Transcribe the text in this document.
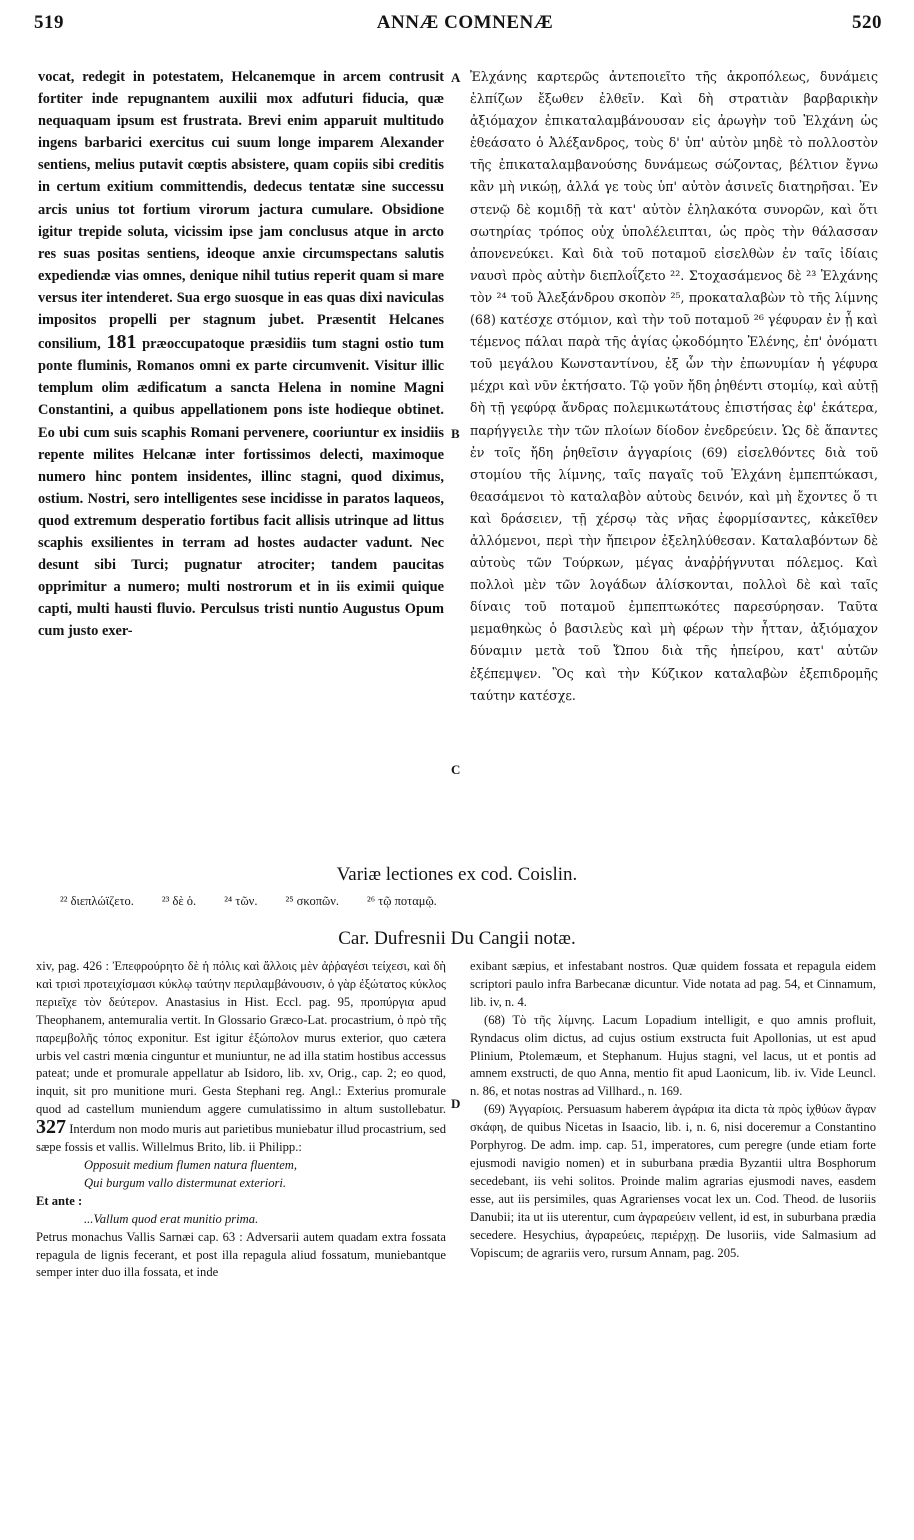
519	ANNÆ COMNENÆ	520

vocat, redegit in potestatem, Helcanemque in arcem contrusit fortiter inde repugnantem auxilii mox adfuturi fiducia, quæ nequaquam ipsum est frustrata. Brevi enim apparuit multitudo ingens barbarici exercitus cui suum longe imparem Alexander sentiens, melius putavit cœptis absistere, quam copiis sibi creditis in certum exitium committendis, dedecus tentatæ sine successu arcis unius tot fortium virorum jactura cumulare. Obsidione igitur trepide soluta, vicissim ipse jam conclusus atque in arcto res suas positas sentiens, ideoque anxie circumspectans salutis expediendæ vias omnes, denique nihil tutius reperit quam si mare versus iter intenderet. Sua ergo suosque in eas quas dixi naviculas impositos propelli per stagnum jubet. Præsentit Helcanes consilium, 181 præoccupatoque præsidiis tum stagni ostio tum ponte fluminis, Romanos omni ex parte circumvenit. Visitur illic templum olim ædificatum a sancta Helena in nomine Magni Constantini, a quibus appellationem pons iste hodieque obtinet. Eo ubi cum suis scaphis Romani pervenere, cooriuntur ex insidiis repente milites Helcanæ inter fortissimos delecti, maximoque numero hinc pontem insidentes, illinc stagni, quod diximus, ostium. Nostri, sero intelligentes sese incidisse in paratos laqueos, quod extremum desperatio fortibus facit allisis utrinque ad littus scaphis exsilientes in terram ad hostes audacter vadunt. Nec desunt sibi Turci; pugnatur atrociter; tandem paucitas opprimitur a numero; multi nostrorum et in iis eximii quique capti, multi hausti fluvio. Perculsus tristi nuntio Augustus Opum cum justo exer-

A
B
C

Ἐλχάνης καρτερῶς ἀντεποιεῖτο τῆς ἀκροπόλεως, δυνάμεις ἐλπίζων ἔξωθεν ἐλθεῖν. Καὶ δὴ στρατιὰν βαρβαρικὴν ἀξιόμαχον ἐπικαταλαμβάνουσαν εἰς ἀρωγὴν τοῦ Ἐλχάνη ὡς ἐθεάσατο ὁ Ἀλέξανδρος, τοὺς δ' ὑπ' αὐτὸν μηδὲ τὸ πολλοστὸν τῆς ἐπικαταλαμβανούσης δυνάμεως σώζοντας, βέλτιον ἔγνω κἂν μὴ νικώῃ, ἀλλά γε τοὺς ὑπ' αὐτὸν ἀσινεῖς διατηρῆσαι. Ἐν στενῷ δὲ κομιδῇ τὰ κατ' αὐτὸν ἐληλακότα συνορῶν, καὶ ὅτι σωτηρίας τρόπος οὐχ ὑπολέλειπται, ὡς πρὸς τὴν θάλασσαν ἀπονενεύκει. Καὶ διὰ τοῦ ποταμοῦ εἰσελθὼν ἐν ταῖς ἰδίαις ναυσὶ πρὸς αὐτὴν διεπλοΐζετο ²². Στοχασάμενος δὲ ²³ Ἐλχάνης τὸν ²⁴ τοῦ Ἀλεξάνδρου σκοπὸν ²⁵, προκαταλαβὼν τὸ τῆς λίμνης (68) κατέσχε στόμιον, καὶ τὴν τοῦ ποταμοῦ ²⁶ γέφυραν ἐν ᾗ καὶ τέμενος πάλαι παρὰ τῆς ἁγίας ᾠκοδόμητο Ἑλένης, ἐπ' ὀνόματι τοῦ μεγάλου Κωνσταντίνου, ἐξ ὧν τὴν ἐπωνυμίαν ἡ γέφυρα μέχρι καὶ νῦν ἐκτήσατο. Τῷ γοῦν ἤδη ῥηθέντι στομίῳ, καὶ αὐτῇ δὴ τῇ γεφύρᾳ ἄνδρας πολεμικωτάτους ἐπιστήσας ἐφ' ἑκάτερα, παρήγγειλε τὴν τῶν πλοίων δίοδον ἐνεδρεύειν. Ὡς δὲ ἅπαντες ἐν τοῖς ἤδη ῥηθεῖσιν ἀγγαρίοις (69) εἰσελθόντες διὰ τοῦ στομίου τῆς λίμνης, ταῖς παγαῖς τοῦ Ἐλχάνη ἐμπεπτώκασι, θεασάμενοι τὸ καταλαβὸν αὐτοὺς δεινόν, καὶ μὴ ἔχοντες ὅ τι καὶ δράσειεν, τῇ χέρσῳ τὰς νῆας ἐφορμίσαντες, κἀκεῖθεν ἀλλόμενοι, περὶ τὴν ἤπειρον ἐξεληλύθεσαν. Καταλαβόντων δὲ αὐτοὺς τῶν Τούρκων, μέγας ἀναῤῥήγνυται πόλεμος. Καὶ πολλοὶ μὲν τῶν λογάδων ἁλίσκονται, πολλοὶ δὲ καὶ ταῖς δίναις τοῦ ποταμοῦ ἐμπεπτωκότες παρεσύρησαν. Ταῦτα μεμαθηκὼς ὁ βασιλεὺς καὶ μὴ φέρων τὴν ἧτταν, ἀξιόμαχον δύναμιν μετὰ τοῦ Ὤπου διὰ τῆς ἠπείρου, κατ' αὐτῶν ἐξέπεμψεν. Ὃς καὶ τὴν Κύζικον καταλαβὼν ἐξεπιδρομῆς ταύτην κατέσχε.

Variæ lectiones ex cod. Coislin.
²² διεπλώϊζετο. ²³ δὲ ὁ. ²⁴ τῶν. ²⁵ σκοπῶν. ²⁶ τῷ ποταμῷ.
Car. Dufresnii Du Cangii notæ.

xiv, pag. 426 : Ἐπεφρούρητο δὲ ἡ πόλις καὶ ἄλλοις μὲν ἀῤῥαγέσι τείχεσι, καὶ δὴ καὶ τρισὶ προτειχίσμασι κύκλῳ ταύτην περιλαμβάνουσιν, ὁ γὰρ ἐξώτατος κύκλος περιεῖχε τὸν δεύτερον. Anastasius in Hist. Eccl. pag. 95, προπύργια apud Theophanem, antemuralia vertit. In Glossario Græco-Lat. procastrium, ὁ πρὸ τῆς παρεμβολῆς τόπος exponitur. Est igitur ἐξώπολον murus exterior, quo cætera urbis vel castri mœnia cinguntur et muniuntur, ne ad illa statim hostibus accessus pateat; unde et promurale appellatur ab Isidoro, lib. xv, Orig., cap. 2; eo quod, inquit, sit pro munitione muri. Gesta Stephani reg. Angl.: Exterius promurale quod ad castellum muniendum aggere cumulatissimo in altum sustollebatur. 327 Interdum non modo muris aut parietibus muniebatur illud procastrium, sed sæpe fossis et vallis. Willelmus Brito, lib. ii Philipp.:

Opposuit medium flumen natura fluentem,

Qui burgum vallo distermunat exteriori.

Et ante :

...Vallum quod erat munitio prima.

Petrus monachus Vallis Sarnæi cap. 63 : Adversarii autem quadam extra fossata repagula de lignis fecerant, et post illa repagula aliud fossatum, muniebantque semper inter duo illa fossata, et inde

D

exibant sæpius, et infestabant nostros. Quæ quidem fossata et repagula eidem scriptori paulo infra Barbecanæ dicuntur. Vide notata ad pag. 54, et Cinnamum, lib. iv, n. 4.

(68) Τὸ τῆς λίμνης. Lacum Lopadium intelligit, e quo amnis profluit, Ryndacus olim dictus, ad cujus ostium exstructa fuit Apollonias, ut est apud Plinium, Ptolemæum, et Stephanum. Hujus stagni, vel lacus, ut et pontis ad amnem exstructi, de quo Anna, mentio fit apud Laonicum, lib. iv. Vide Leuncl. n. 86, et notas nostras ad Villhard., n. 169.

(69) Ἀγγαρίοις. Persuasum haberem ἀγράρια ita dicta τὰ πρὸς ἰχθύων ἄγραν σκάφη, de quibus Nicetas in Isaacio, lib. i, n. 6, nisi doceremur a Constantino Porphyrog. De adm. imp. cap. 51, imperatores, cum peregre (unde etiam forte ejusmodi navigio nomen) et in suburbana prædia Byzantii ultra Bosphorum secedebant, iis vehi solitos. Proinde malim agrarias ejusmodi naves, easdem esse, aut iis persimiles, quas Agrarienses vocat lex un. Cod. Theod. de lusoriis Danubii; ita ut iis uterentur, cum ἀγραρεύειν vellent, id est, in suburbana prædia secedere. Hesychius, ἀγραρεύεις, περιέρχῃ. De lusoriis, vide Salmasium ad Vopiscum; de agrariis vero, rursum Annam, pag. 205.
